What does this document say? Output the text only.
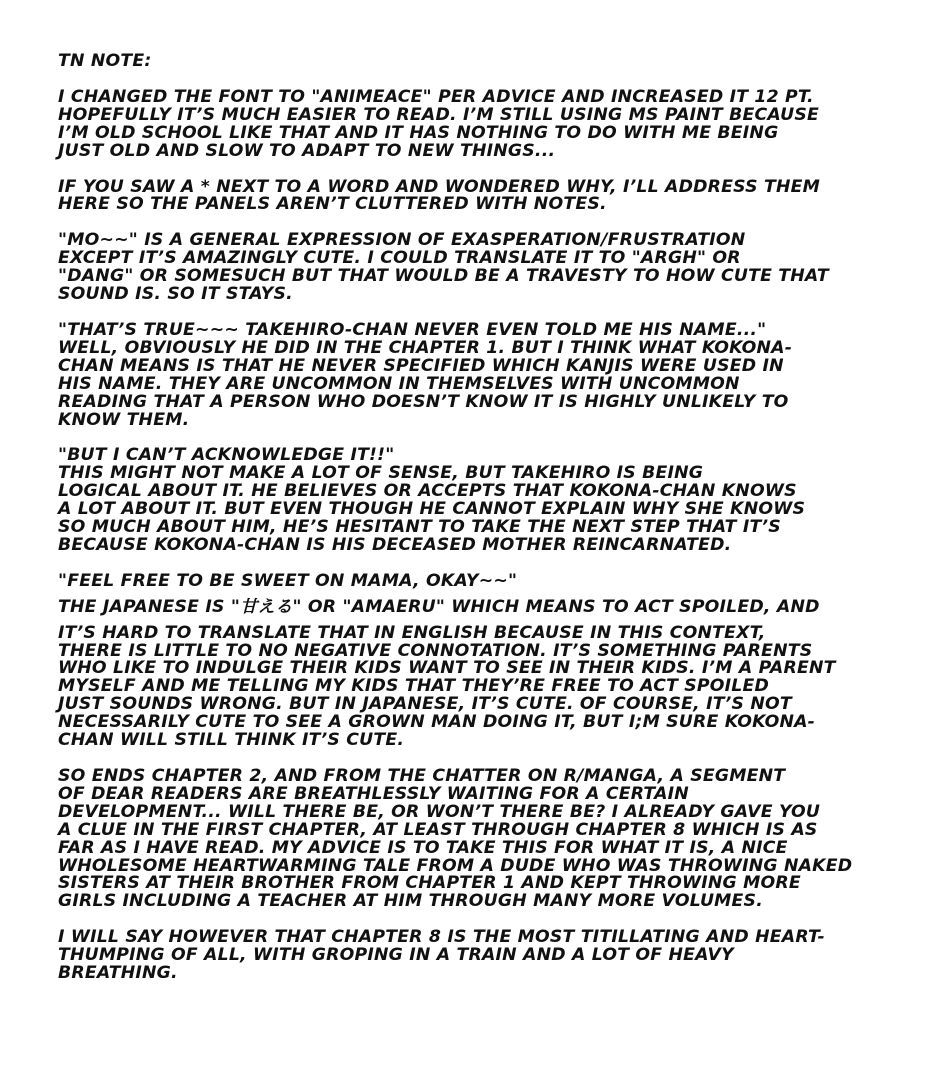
TN NOTE:
I CHANGED THE FONT TO "ANIMEACE" PER ADVICE AND INCREASED IT 12 PT.
HOPEFULLY IT’S MUCH EASIER TO READ. I’M STILL USING MS PAINT BECAUSE
I’M OLD SCHOOL LIKE THAT AND IT HAS NOTHING TO DO WITH ME BEING
JUST OLD AND SLOW TO ADAPT TO NEW THINGS...
IF YOU SAW A * NEXT TO A WORD AND WONDERED WHY, I’LL ADDRESS THEM
HERE SO THE PANELS AREN’T CLUTTERED WITH NOTES.
"MO~~" IS A GENERAL EXPRESSION OF EXASPERATION/FRUSTRATION
EXCEPT IT’S AMAZINGLY CUTE. I COULD TRANSLATE IT TO "ARGH" OR
"DANG" OR SOMESUCH BUT THAT WOULD BE A TRAVESTY TO HOW CUTE THAT
SOUND IS. SO IT STAYS.
"THAT’S TRUE~~~ TAKEHIRO-CHAN NEVER EVEN TOLD ME HIS NAME..."
WELL, OBVIOUSLY HE DID IN THE CHAPTER 1. BUT I THINK WHAT KOKONA-
CHAN MEANS IS THAT HE NEVER SPECIFIED WHICH KANJIS WERE USED IN
HIS NAME. THEY ARE UNCOMMON IN THEMSELVES WITH UNCOMMON
READING THAT A PERSON WHO DOESN’T KNOW IT IS HIGHLY UNLIKELY TO
KNOW THEM.
"BUT I CAN’T ACKNOWLEDGE IT!!"
THIS MIGHT NOT MAKE A LOT OF SENSE, BUT TAKEHIRO IS BEING
LOGICAL ABOUT IT. HE BELIEVES OR ACCEPTS THAT KOKONA-CHAN KNOWS
A LOT ABOUT IT. BUT EVEN THOUGH HE CANNOT EXPLAIN WHY SHE KNOWS
SO MUCH ABOUT HIM, HE’S HESITANT TO TAKE THE NEXT STEP THAT IT’S
BECAUSE KOKONA-CHAN IS HIS DECEASED MOTHER REINCARNATED.
"FEEL FREE TO BE SWEET ON MAMA, OKAY~~"
THE JAPANESE IS "甘える" OR "AMAERU" WHICH MEANS TO ACT SPOILED, AND
IT’S HARD TO TRANSLATE THAT IN ENGLISH BECAUSE IN THIS CONTEXT,
THERE IS LITTLE TO NO NEGATIVE CONNOTATION. IT’S SOMETHING PARENTS
WHO LIKE TO INDULGE THEIR KIDS WANT TO SEE IN THEIR KIDS. I’M A PARENT
MYSELF AND ME TELLING MY KIDS THAT THEY’RE FREE TO ACT SPOILED
JUST SOUNDS WRONG. BUT IN JAPANESE, IT’S CUTE. OF COURSE, IT’S NOT
NECESSARILY CUTE TO SEE A GROWN MAN DOING IT, BUT I;M SURE KOKONA-
CHAN WILL STILL THINK IT’S CUTE.
SO ENDS CHAPTER 2, AND FROM THE CHATTER ON R/MANGA, A SEGMENT
OF DEAR READERS ARE BREATHLESSLY WAITING FOR A CERTAIN
DEVELOPMENT... WILL THERE BE, OR WON’T THERE BE? I ALREADY GAVE YOU
A CLUE IN THE FIRST CHAPTER, AT LEAST THROUGH CHAPTER 8 WHICH IS AS
FAR AS I HAVE READ. MY ADVICE IS TO TAKE THIS FOR WHAT IT IS, A NICE
WHOLESOME HEARTWARMING TALE FROM A DUDE WHO WAS THROWING NAKED
SISTERS AT THEIR BROTHER FROM CHAPTER 1 AND KEPT THROWING MORE
GIRLS INCLUDING A TEACHER AT HIM THROUGH MANY MORE VOLUMES.
I WILL SAY HOWEVER THAT CHAPTER 8 IS THE MOST TITILLATING AND HEART-
THUMPING OF ALL, WITH GROPING IN A TRAIN AND A LOT OF HEAVY
BREATHING.
